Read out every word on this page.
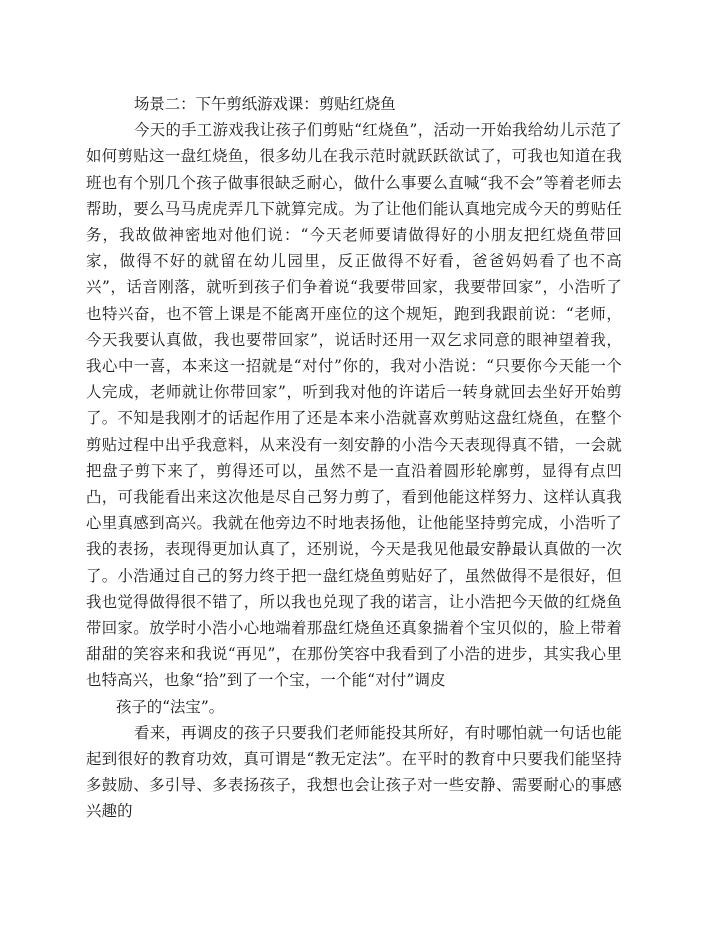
场景二：下午剪纸游戏课：剪贴红烧鱼

今天的手工游戏我让孩子们剪贴“红烧鱼”，活动一开始我给幼儿示范了如何剪贴这一盘红烧鱼，很多幼儿在我示范时就跃跃欲试了，可我也知道在我班也有个别几个孩子做事很缺乏耐心，做什么事要么直喊“我不会”等着老师去帮助，要么马马虎虎弄几下就算完成。为了让他们能认真地完成今天的剪贴任务，我故做神密地对他们说：“今天老师要请做得好的小朋友把红烧鱼带回家，做得不好的就留在幼儿园里，反正做得不好看，爸爸妈妈看了也不高兴”，话音刚落，就听到孩子们争着说“我要带回家，我要带回家”，小浩听了也特兴奋，也不管上课是不能离开座位的这个规矩，跑到我跟前说：“老师，今天我要认真做，我也要带回家”，说话时还用一双乞求同意的眼神望着我，我心中一喜，本来这一招就是“对付”你的，我对小浩说：“只要你今天能一个人完成，老师就让你带回家”，听到我对他的许诺后一转身就回去坐好开始剪了。不知是我刚才的话起作用了还是本来小浩就喜欢剪贴这盘红烧鱼，在整个剪贴过程中出乎我意料，从来没有一刻安静的小浩今天表现得真不错，一会就把盘子剪下来了，剪得还可以，虽然不是一直沿着圆形轮廓剪，显得有点凹凸，可我能看出来这次他是尽自己努力剪了，看到他能这样努力、这样认真我心里真感到高兴。我就在他旁边不时地表扬他，让他能坚持剪完成，小浩听了我的表扬，表现得更加认真了，还别说，今天是我见他最安静最认真做的一次了。小浩通过自己的努力终于把一盘红烧鱼剪贴好了，虽然做得不是很好，但我也觉得做得很不错了，所以我也兑现了我的诺言，让小浩把今天做的红烧鱼带回家。放学时小浩小心地端着那盘红烧鱼还真象揣着个宝贝似的，脸上带着甜甜的笑容来和我说“再见”，在那份笑容中我看到了小浩的进步，其实我心里也特高兴，也象“拾”到了一个宝，一个能“对付”调皮

孩子的“法宝”。

看来，再调皮的孩子只要我们老师能投其所好，有时哪怕就一句话也能起到很好的教育功效，真可谓是“教无定法”。在平时的教育中只要我们能坚持多鼓励、多引导、多表扬孩子，我想也会让孩子对一些安静、需要耐心的事感兴趣的
